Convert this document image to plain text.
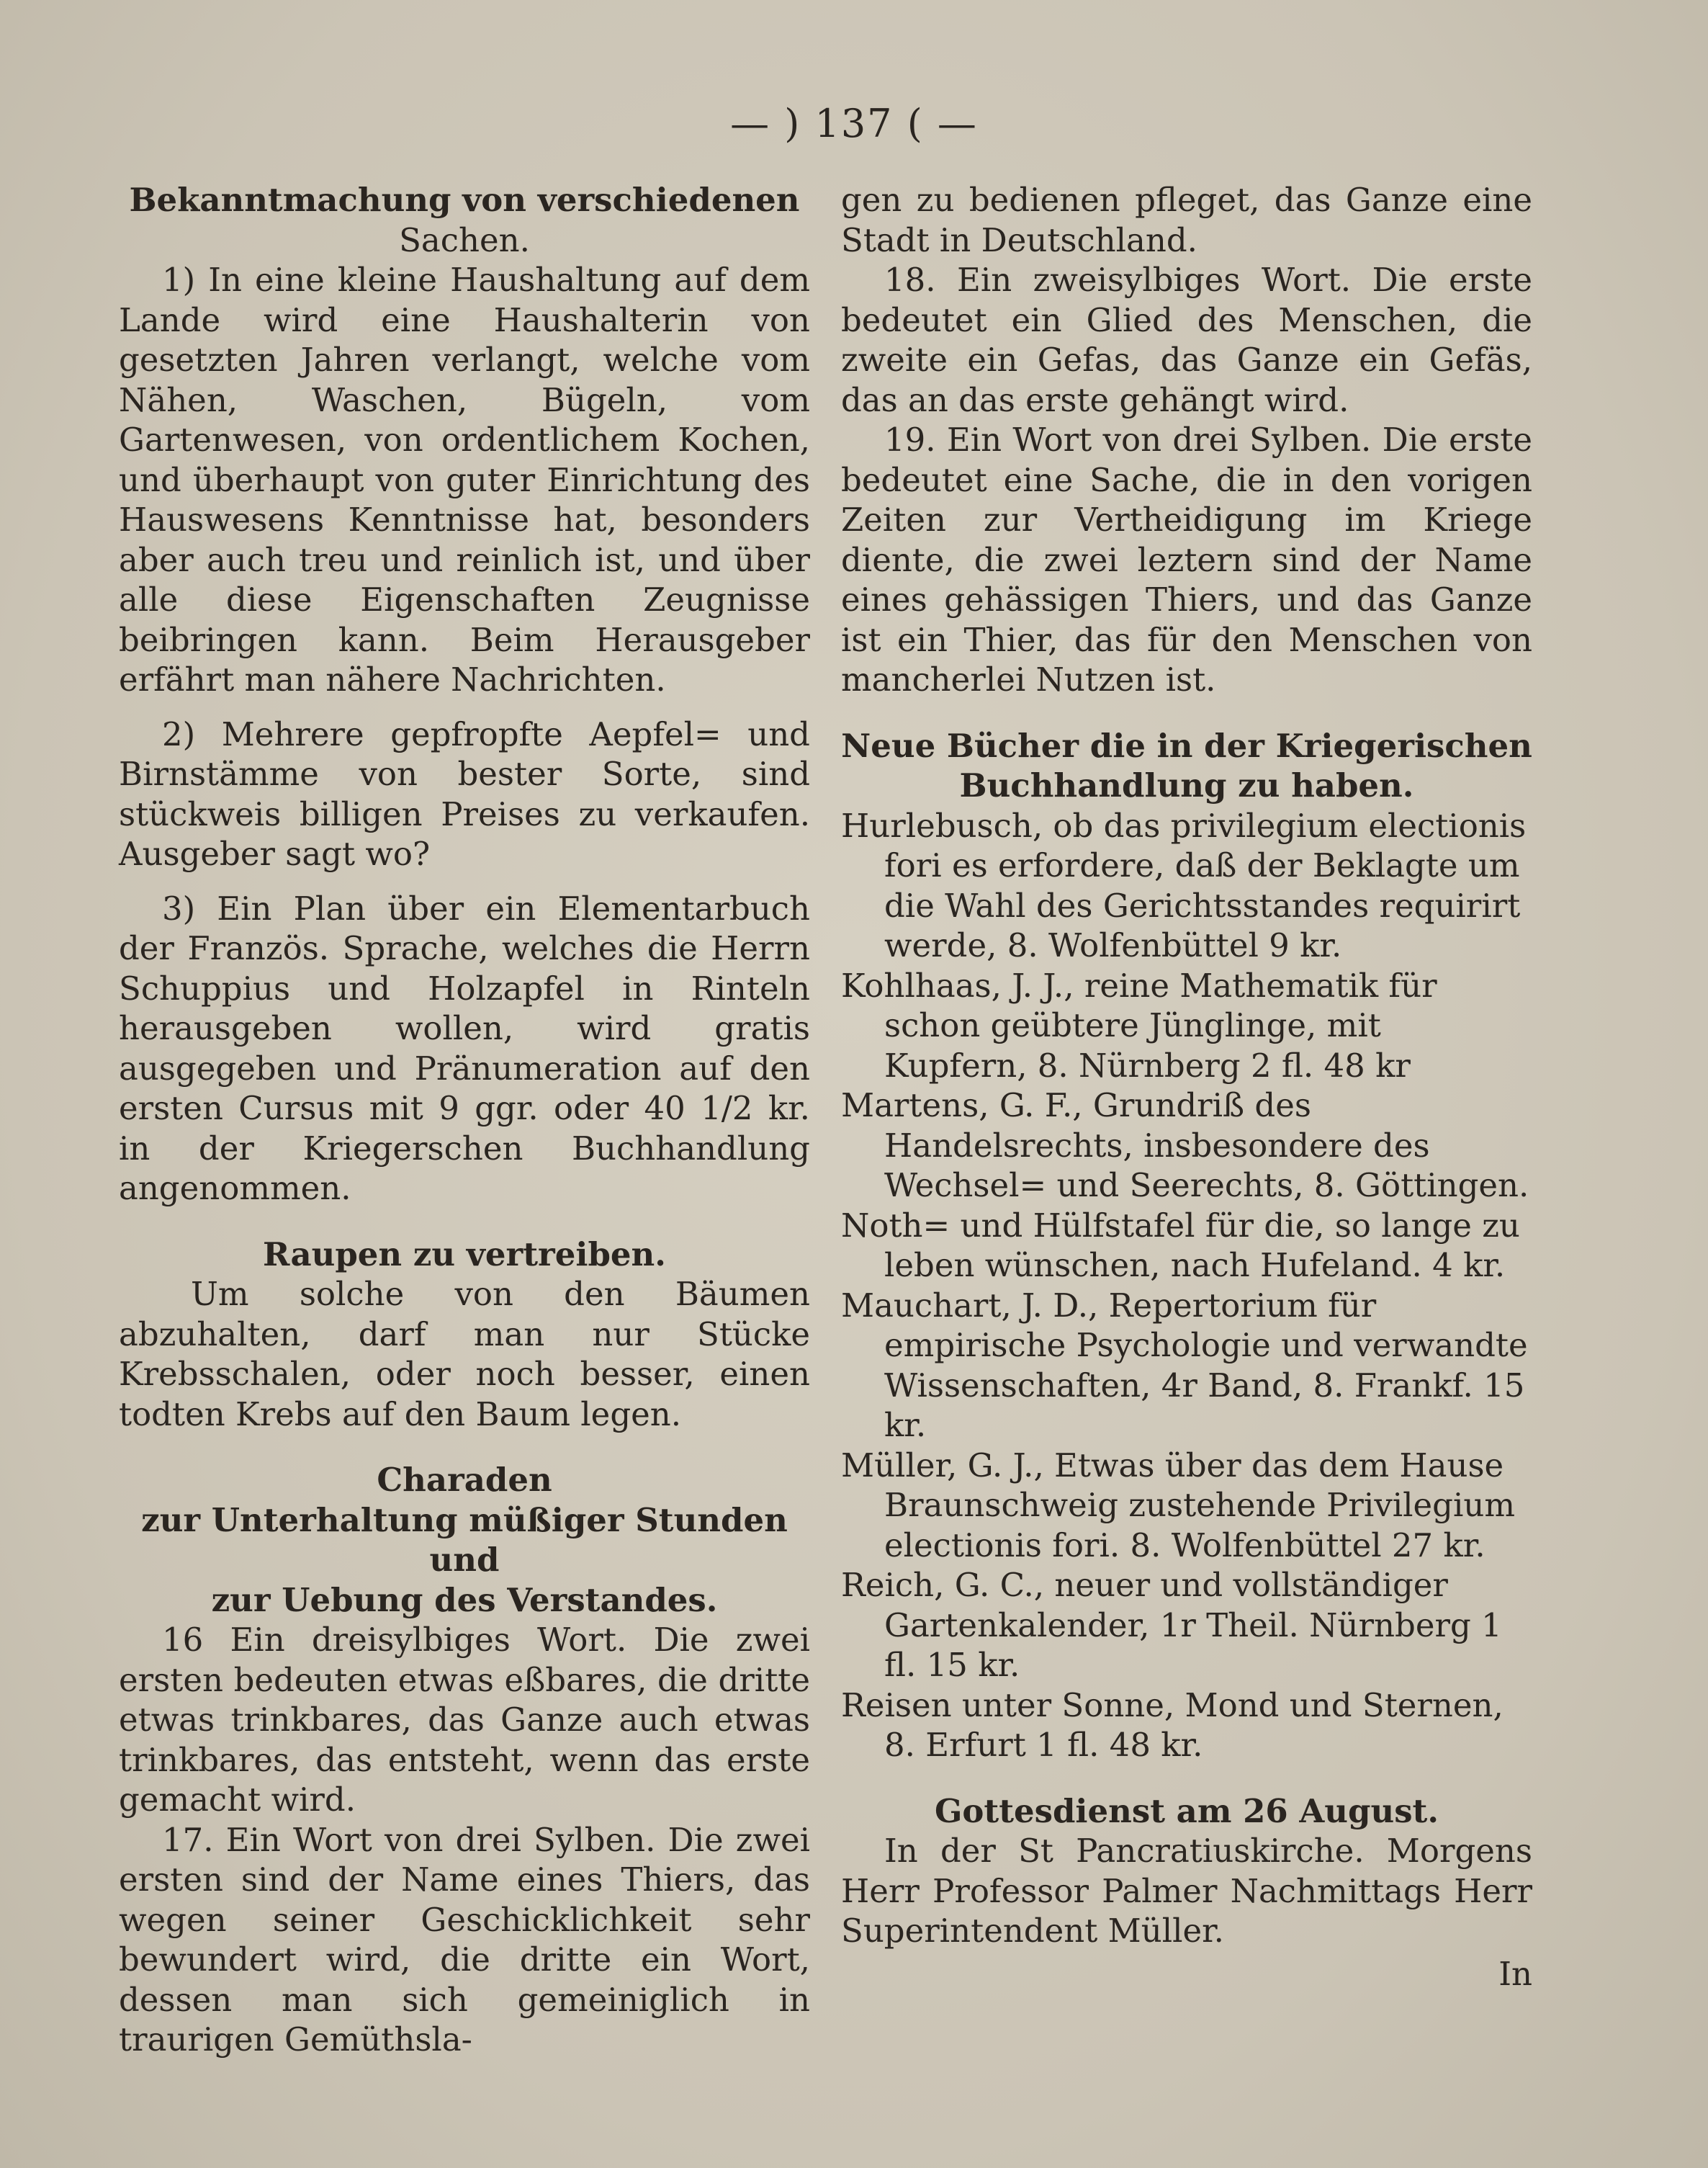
— ) 137 ( —

Bekanntmachung von verschiedenen

Sachen.

1) In eine kleine Haushaltung auf dem Lande wird eine Haushalterin von gesetzten Jahren verlangt, welche vom Nähen, Waschen, Bügeln, vom Gartenwesen, von ordentlichem Kochen, und überhaupt von guter Einrichtung des Hauswesens Kenntnisse hat, besonders aber auch treu und reinlich ist, und über alle diese Eigenschaften Zeugnisse beibringen kann. Beim Herausgeber erfährt man nähere Nachrichten.

2) Mehrere gepfropfte Aepfel= und Birnstämme von bester Sorte, sind stückweis billigen Preises zu verkaufen. Ausgeber sagt wo?

3) Ein Plan über ein Elementarbuch der Französ. Sprache, welches die Herrn Schuppius und Holzapfel in Rinteln herausgeben wollen, wird gratis ausgegeben und Pränumeration auf den ersten Cursus mit 9 ggr. oder 40 1/2 kr. in der Kriegerschen Buchhandlung angenommen.

Raupen zu vertreiben.

Um solche von den Bäumen abzuhalten, darf man nur Stücke Krebsschalen, oder noch besser, einen todten Krebs auf den Baum legen.

Charaden

zur Unterhaltung müßiger Stunden und

zur Uebung des Verstandes.

16 Ein dreisylbiges Wort. Die zwei ersten bedeuten etwas eßbares, die dritte etwas trinkbares, das Ganze auch etwas trinkbares, das entsteht, wenn das erste gemacht wird.

17. Ein Wort von drei Sylben. Die zwei ersten sind der Name eines Thiers, das wegen seiner Geschicklichkeit sehr bewundert wird, die dritte ein Wort, dessen man sich gemeiniglich in traurigen Gemüthsla-

gen zu bedienen pfleget, das Ganze eine Stadt in Deutschland.

18. Ein zweisylbiges Wort. Die erste bedeutet ein Glied des Menschen, die zweite ein Gefas, das Ganze ein Gefäs, das an das erste gehängt wird.

19. Ein Wort von drei Sylben. Die erste bedeutet eine Sache, die in den vorigen Zeiten zur Vertheidigung im Kriege diente, die zwei leztern sind der Name eines gehässigen Thiers, und das Ganze ist ein Thier, das für den Menschen von mancherlei Nutzen ist.

Neue Bücher die in der Kriegerischen

Buchhandlung zu haben.

Hurlebusch, ob das privilegium electionis fori es erfordere, daß der Beklagte um die Wahl des Gerichtsstandes requirirt werde, 8. Wolfenbüttel 9 kr.

Kohlhaas, J. J., reine Mathematik für schon geübtere Jünglinge, mit Kupfern, 8. Nürnberg 2 fl. 48 kr

Martens, G. F., Grundriß des Handelsrechts, insbesondere des Wechsel= und Seerechts, 8. Göttingen.

Noth= und Hülfstafel für die, so lange zu leben wünschen, nach Hufeland. 4 kr.

Mauchart, J. D., Repertorium für empirische Psychologie und verwandte Wissenschaften, 4r Band, 8. Frankf. 15 kr.

Müller, G. J., Etwas über das dem Hause Braunschweig zustehende Privilegium electionis fori. 8. Wolfenbüttel 27 kr.

Reich, G. C., neuer und vollständiger Gartenkalender, 1r Theil. Nürnberg 1 fl. 15 kr.

Reisen unter Sonne, Mond und Sternen, 8. Erfurt 1 fl. 48 kr.

Gottesdienst am 26 August.

In der St Pancratiuskirche. Morgens Herr Professor Palmer Nachmittags Herr Superintendent Müller.

In
